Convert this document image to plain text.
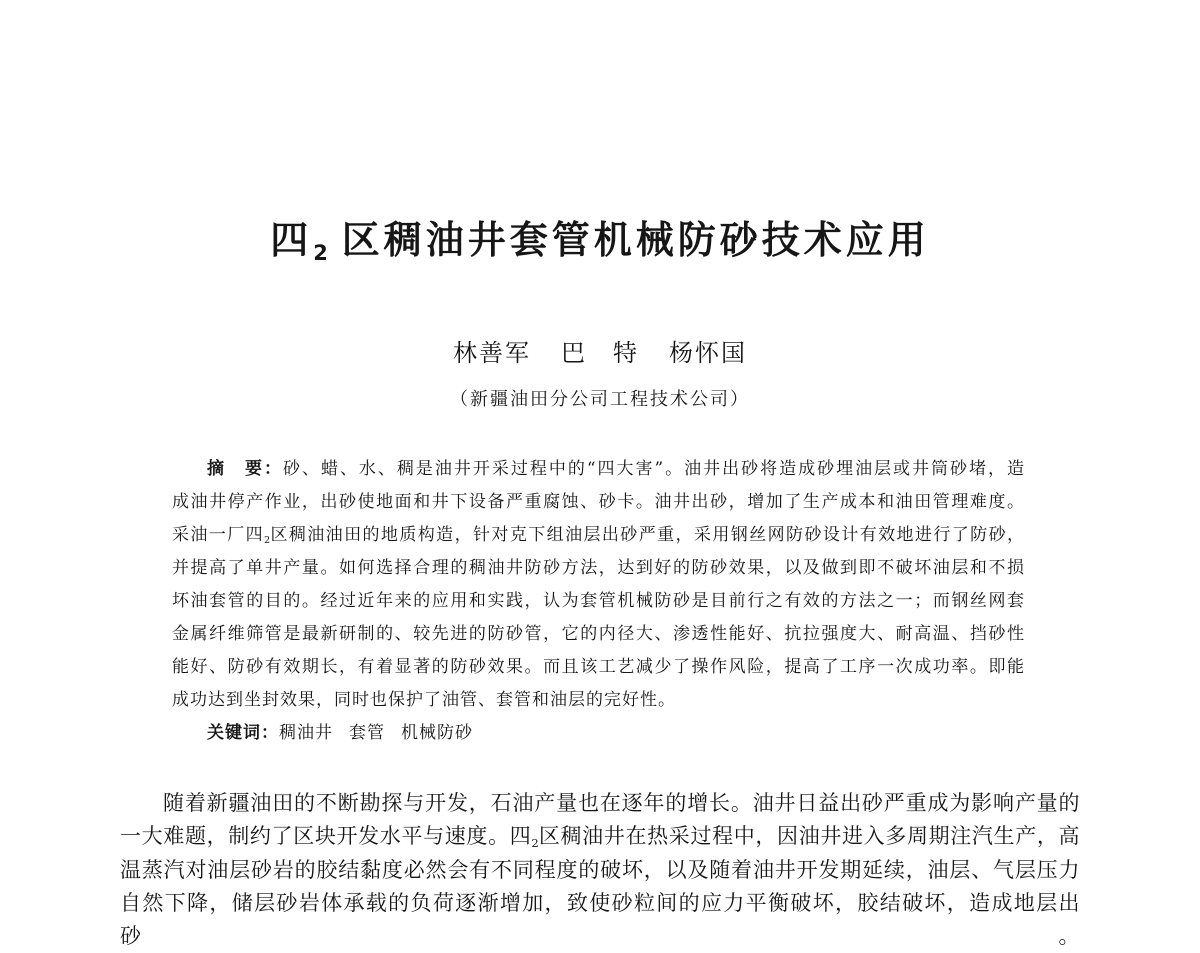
四2 区稠油井套管机械防砂技术应用
林善军 巴　特 杨怀国
（新疆油田分公司工程技术公司）
摘　要：砂、蜡、水、稠是油井开采过程中的“四大害”。油井出砂将造成砂埋油层或井筒砂堵，造
成油井停产作业，出砂使地面和井下设备严重腐蚀、砂卡。油井出砂，增加了生产成本和油田管理难度。
采油一厂四2区稠油油田的地质构造，针对克下组油层出砂严重，采用钢丝网防砂设计有效地进行了防砂，
并提高了单井产量。如何选择合理的稠油井防砂方法，达到好的防砂效果，以及做到即不破坏油层和不损
坏油套管的目的。经过近年来的应用和实践，认为套管机械防砂是目前行之有效的方法之一；而钢丝网套
金属纤维筛管是最新研制的、较先进的防砂管，它的内径大、渗透性能好、抗拉强度大、耐高温、挡砂性
能好、防砂有效期长，有着显著的防砂效果。而且该工艺减少了操作风险，提高了工序一次成功率。即能
成功达到坐封效果，同时也保护了油管、套管和油层的完好性。
关键词：稠油井 套管 机械防砂
随着新疆油田的不断勘探与开发，石油产量也在逐年的增长。油井日益出砂严重成为影响产量的
一大难题，制约了区块开发水平与速度。四2区稠油井在热采过程中，因油井进入多周期注汽生产，高
温蒸汽对油层砂岩的胶结黏度必然会有不同程度的破坏，以及随着油井开发期延续，油层、气层压力
自然下降，储层砂岩体承载的负荷逐渐增加，致使砂粒间的应力平衡破坏，胶结破坏，造成地层出砂。
